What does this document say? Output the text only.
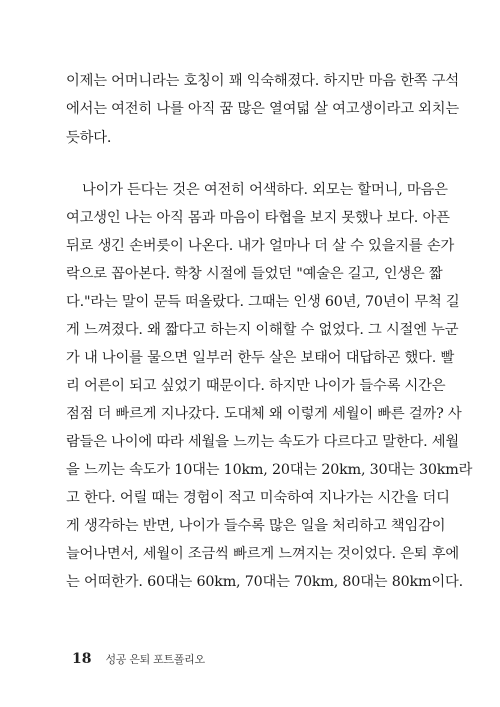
이제는 어머니라는 호칭이 꽤 익숙해졌다. 하지만 마음 한쪽 구석
에서는 여전히 나를 아직 꿈 많은 열여덟 살 여고생이라고 외치는
듯하다.
나이가 든다는 것은 여전히 어색하다. 외모는 할머니, 마음은
여고생인 나는 아직 몸과 마음이 타협을 보지 못했나 보다. 아픈
뒤로 생긴 손버릇이 나온다. 내가 얼마나 더 살 수 있을지를 손가
락으로 꼽아본다. 학창 시절에 들었던 "예술은 길고, 인생은 짧
다."라는 말이 문득 떠올랐다. 그때는 인생 60년, 70년이 무척 길
게 느껴졌다. 왜 짧다고 하는지 이해할 수 없었다. 그 시절엔 누군
가 내 나이를 물으면 일부러 한두 살은 보태어 대답하곤 했다. 빨
리 어른이 되고 싶었기 때문이다. 하지만 나이가 들수록 시간은
점점 더 빠르게 지나갔다. 도대체 왜 이렇게 세월이 빠른 걸까? 사
람들은 나이에 따라 세월을 느끼는 속도가 다르다고 말한다. 세월
을 느끼는 속도가 10대는 10km, 20대는 20km, 30대는 30km라
고 한다. 어릴 때는 경험이 적고 미숙하여 지나가는 시간을 더디
게 생각하는 반면, 나이가 들수록 많은 일을 처리하고 책임감이
늘어나면서, 세월이 조금씩 빠르게 느껴지는 것이었다. 은퇴 후에
는 어떠한가. 60대는 60km, 70대는 70km, 80대는 80km이다.
18 성공 은퇴 포트폴리오
